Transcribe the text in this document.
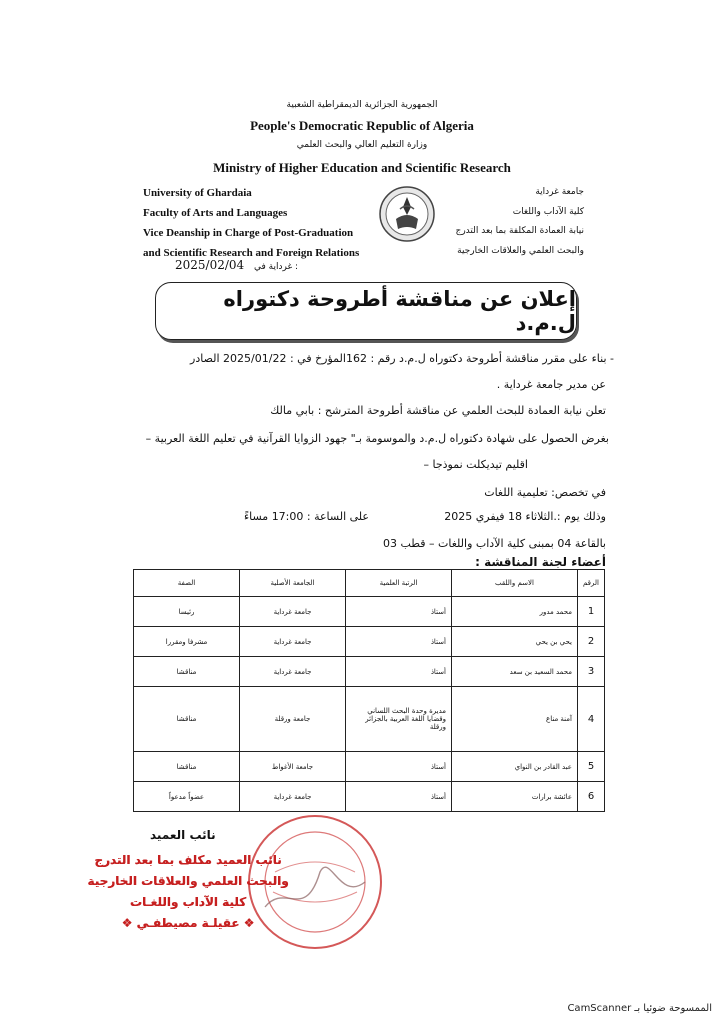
الجمهورية الجزائرية الديمقراطية الشعبية
People's Democratic Republic of Algeria
وزارة التعليم العالي والبحث العلمي
Ministry of Higher Education and Scientific Research
University of Ghardaia
Faculty of Arts and Languages
Vice Deanship in Charge of Post-Graduation
and Scientific Research and Foreign Relations
جامعة غرداية
كلية الآداب واللغات
نيابة العمادة المكلفة بما بعد التدرج
والبحث العلمي والعلاقات الخارجية
2025/02/04 غرداية في :
إعلان عن مناقشة أطروحة دكتوراه ل.م.د
- بناء على مقرر مناقشة أطروحة دكتوراه ل.م.د رقم : 162المؤرخ في : 2025/01/22 الصادر
عن مدير جامعة غرداية .
تعلن نيابة العمادة للبحث العلمي عن مناقشة أطروحة المترشح : بابي مالك
بغرض الحصول على شهادة دكتوراه ل.م.د والموسومة بـ" جهود الزوايا القرآنية في تعليم اللغة العربية –
اقليم تيديكلت نموذجا –
في تخصص: تعليمية اللغات
وذلك يوم :.الثلاثاء 18 فيفري 2025
على الساعة : 17:00 مساءً
بالقاعة 04 بمبنى كلية الآداب واللغات – قطب 03
أعضاء لجنة المناقشة :
الرقم	الاسم واللقب	الرتبة العلمية	الجامعة الأصلية	الصفة
1	محمد مدور	أستاذ	جامعة غرداية	رئيسا
2	يحي بن يحي	أستاذ	جامعة غرداية	مشرفا ومقررا
3	محمد السعيد بن سعد	أستاذ	جامعة غرداية	مناقشا
4	آمنة مناع	مديرة وحدة البحث اللساني وقضايا اللغة العربية بالجزائر ورقلة	جامعة ورقلة	مناقشا
5	عبد القادر بن النواي	أستاذ	جامعة الأغواط	مناقشا
6	عائشة برارات	أستاذ	جامعة غرداية	عضواً مدعواً
نائب العميد
نائب العميد مكلف بما بعد التدرج
والبحث العلمي والعلاقات الخارجية
كلية الآداب واللغـات
❖ عقيلـة مصيطفـي ❖
الممسوحة ضوئيا بـ CamScanner
